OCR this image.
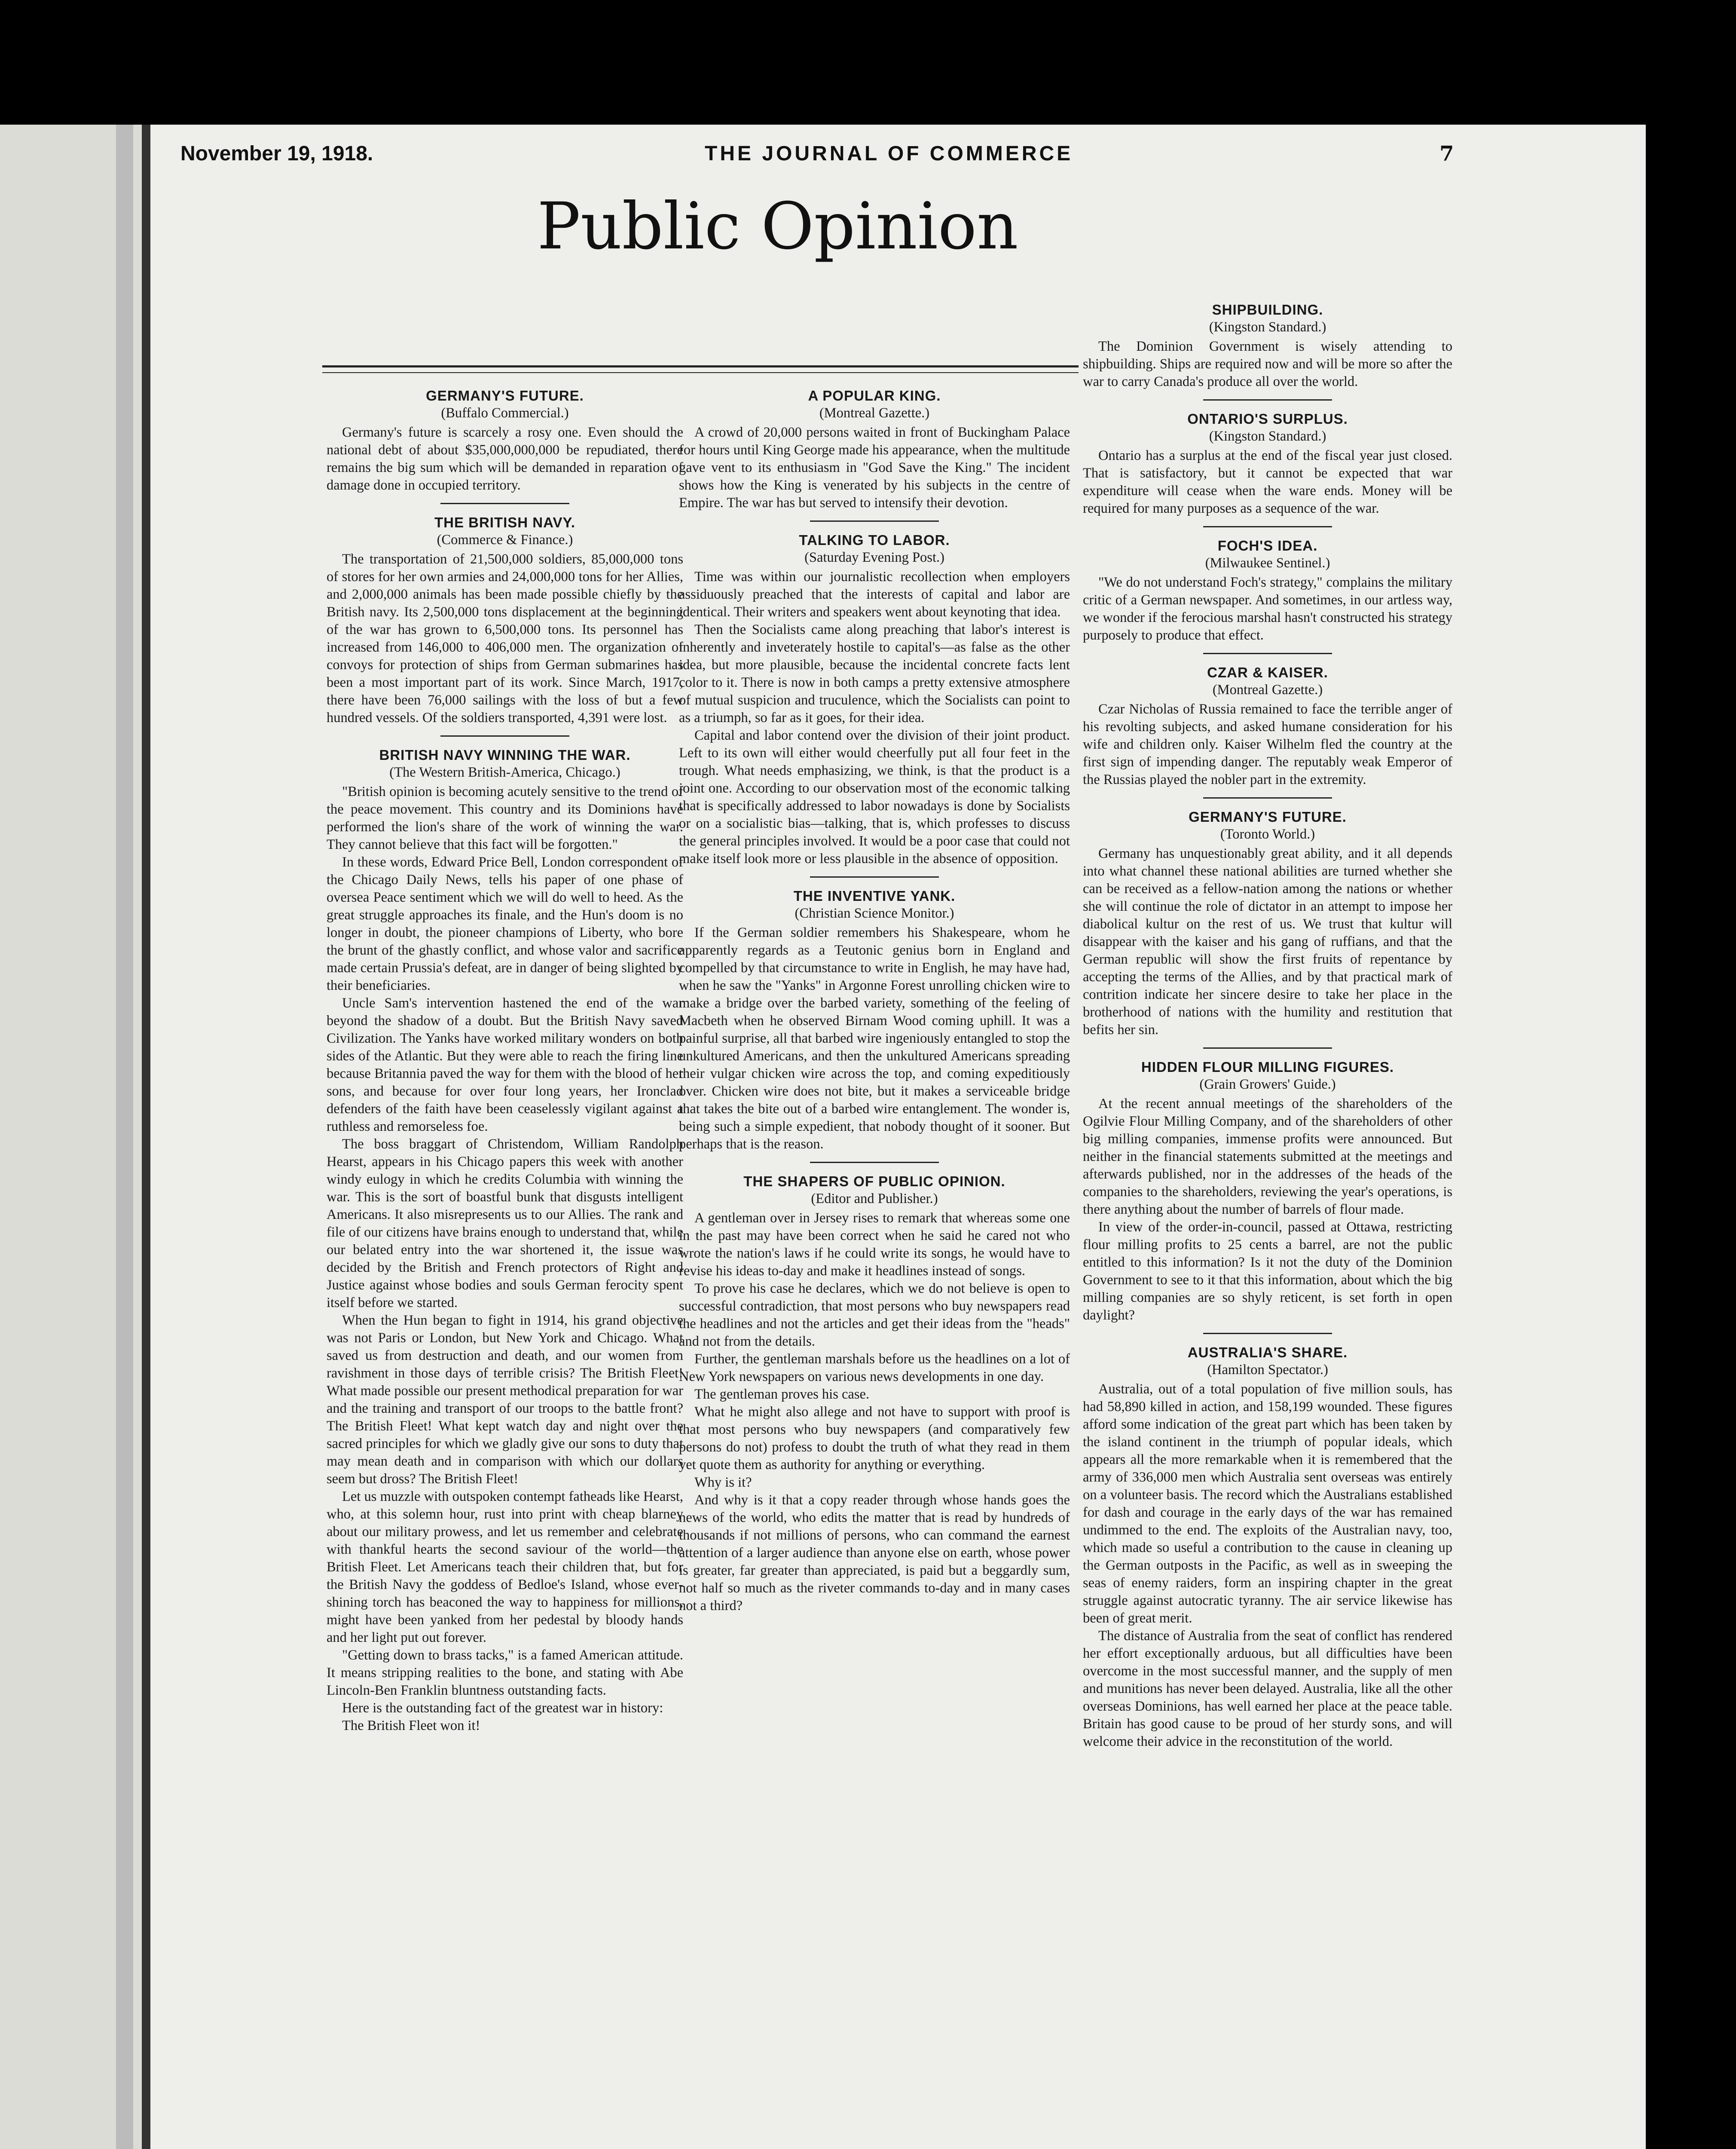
November 19, 1918.	THE JOURNAL OF COMMERCE	7
Public Opinion
GERMANY'S FUTURE.
(Buffalo Commercial.)

Germany's future is scarcely a rosy one. Even should the national debt of about $35,000,000,000 be repudiated, there remains the big sum which will be demanded in reparation of damage done in occupied territory.

THE BRITISH NAVY.
(Commerce & Finance.)

The transportation of 21,500,000 soldiers, 85,000,000 tons of stores for her own armies and 24,000,000 tons for her Allies, and 2,000,000 animals has been made possible chiefly by the British navy. Its 2,500,000 tons displacement at the beginning of the war has grown to 6,500,000 tons. Its personnel has increased from 146,000 to 406,000 men. The organization of convoys for protection of ships from German submarines has been a most important part of its work. Since March, 1917, there have been 76,000 sailings with the loss of but a few hundred vessels. Of the soldiers transported, 4,391 were lost.

BRITISH NAVY WINNING THE WAR.
(The Western British-America, Chicago.)

"British opinion is becoming acutely sensitive to the trend of the peace movement. This country and its Dominions have performed the lion's share of the work of winning the war. They cannot believe that this fact will be forgotten."

In these words, Edward Price Bell, London correspondent of the Chicago Daily News, tells his paper of one phase of oversea Peace sentiment which we will do well to heed. As the great struggle approaches its finale, and the Hun's doom is no longer in doubt, the pioneer champions of Liberty, who bore the brunt of the ghastly conflict, and whose valor and sacrifice made certain Prussia's defeat, are in danger of being slighted by their beneficiaries.

Uncle Sam's intervention hastened the end of the war beyond the shadow of a doubt. But the British Navy saved Civilization. The Yanks have worked military wonders on both sides of the Atlantic. But they were able to reach the firing line because Britannia paved the way for them with the blood of her sons, and because for over four long years, her Ironclad defenders of the faith have been ceaselessly vigilant against a ruthless and remorseless foe.

The boss braggart of Christendom, William Randolph Hearst, appears in his Chicago papers this week with another windy eulogy in which he credits Columbia with winning the war. This is the sort of boastful bunk that disgusts intelligent Americans. It also misrepresents us to our Allies. The rank and file of our citizens have brains enough to understand that, while our belated entry into the war shortened it, the issue was decided by the British and French protectors of Right and Justice against whose bodies and souls German ferocity spent itself before we started.

When the Hun began to fight in 1914, his grand objective was not Paris or London, but New York and Chicago. What saved us from destruction and death, and our women from ravishment in those days of terrible crisis? The British Fleet! What made possible our present methodical preparation for war and the training and transport of our troops to the battle front? The British Fleet! What kept watch day and night over the sacred principles for which we gladly give our sons to duty that may mean death and in comparison with which our dollars seem but dross? The British Fleet!

Let us muzzle with outspoken contempt fatheads like Hearst, who, at this solemn hour, rust into print with cheap blarney about our military prowess, and let us remember and celebrate with thankful hearts the second saviour of the world—the British Fleet. Let Americans teach their children that, but for the British Navy the goddess of Bedloe's Island, whose ever-shining torch has beaconed the way to happiness for millions, might have been yanked from her pedestal by bloody hands and her light put out forever.

"Getting down to brass tacks," is a famed American attitude. It means stripping realities to the bone, and stating with Abe Lincoln-Ben Franklin bluntness outstanding facts.

Here is the outstanding fact of the greatest war in history:

The British Fleet won it!

A POPULAR KING.
(Montreal Gazette.)

A crowd of 20,000 persons waited in front of Buckingham Palace for hours until King George made his appearance, when the multitude gave vent to its enthusiasm in "God Save the King." The incident shows how the King is venerated by his subjects in the centre of Empire. The war has but served to intensify their devotion.

TALKING TO LABOR.
(Saturday Evening Post.)

Time was within our journalistic recollection when employers assiduously preached that the interests of capital and labor are identical. Their writers and speakers went about keynoting that idea.

Then the Socialists came along preaching that labor's interest is inherently and inveterately hostile to capital's—as false as the other idea, but more plausible, because the incidental concrete facts lent color to it. There is now in both camps a pretty extensive atmosphere of mutual suspicion and truculence, which the Socialists can point to as a triumph, so far as it goes, for their idea.

Capital and labor contend over the division of their joint product. Left to its own will either would cheerfully put all four feet in the trough. What needs emphasizing, we think, is that the product is a joint one. According to our observation most of the economic talking that is specifically addressed to labor nowadays is done by Socialists or on a socialistic bias—talking, that is, which professes to discuss the general principles involved. It would be a poor case that could not make itself look more or less plausible in the absence of opposition.

THE INVENTIVE YANK.
(Christian Science Monitor.)

If the German soldier remembers his Shakespeare, whom he apparently regards as a Teutonic genius born in England and compelled by that circumstance to write in English, he may have had, when he saw the "Yanks" in Argonne Forest unrolling chicken wire to make a bridge over the barbed variety, something of the feeling of Macbeth when he observed Birnam Wood coming uphill. It was a painful surprise, all that barbed wire ingeniously entangled to stop the unkultured Americans, and then the unkultured Americans spreading their vulgar chicken wire across the top, and coming expeditiously over. Chicken wire does not bite, but it makes a serviceable bridge that takes the bite out of a barbed wire entanglement. The wonder is, being such a simple expedient, that nobody thought of it sooner. But perhaps that is the reason.

THE SHAPERS OF PUBLIC OPINION.
(Editor and Publisher.)

A gentleman over in Jersey rises to remark that whereas some one in the past may have been correct when he said he cared not who wrote the nation's laws if he could write its songs, he would have to revise his ideas to-day and make it headlines instead of songs.

To prove his case he declares, which we do not believe is open to successful contradiction, that most persons who buy newspapers read the headlines and not the articles and get their ideas from the "heads" and not from the details.

Further, the gentleman marshals before us the headlines on a lot of New York newspapers on various news developments in one day.

The gentleman proves his case.

What he might also allege and not have to support with proof is that most persons who buy newspapers (and comparatively few persons do not) profess to doubt the truth of what they read in them yet quote them as authority for anything or everything.

Why is it?

And why is it that a copy reader through whose hands goes the news of the world, who edits the matter that is read by hundreds of thousands if not millions of persons, who can command the earnest attention of a larger audience than anyone else on earth, whose power is greater, far greater than appreciated, is paid but a beggardly sum, not half so much as the riveter commands to-day and in many cases not a third?

SHIPBUILDING.
(Kingston Standard.)

The Dominion Government is wisely attending to shipbuilding. Ships are required now and will be more so after the war to carry Canada's produce all over the world.

ONTARIO'S SURPLUS.
(Kingston Standard.)

Ontario has a surplus at the end of the fiscal year just closed. That is satisfactory, but it cannot be expected that war expenditure will cease when the ware ends. Money will be required for many purposes as a sequence of the war.

FOCH'S IDEA.
(Milwaukee Sentinel.)

"We do not understand Foch's strategy," complains the military critic of a German newspaper. And sometimes, in our artless way, we wonder if the ferocious marshal hasn't constructed his strategy purposely to produce that effect.

CZAR & KAISER.
(Montreal Gazette.)

Czar Nicholas of Russia remained to face the terrible anger of his revolting subjects, and asked humane consideration for his wife and children only. Kaiser Wilhelm fled the country at the first sign of impending danger. The reputably weak Emperor of the Russias played the nobler part in the extremity.

GERMANY'S FUTURE.
(Toronto World.)

Germany has unquestionably great ability, and it all depends into what channel these national abilities are turned whether she can be received as a fellow-nation among the nations or whether she will continue the role of dictator in an attempt to impose her diabolical kultur on the rest of us. We trust that kultur will disappear with the kaiser and his gang of ruffians, and that the German republic will show the first fruits of repentance by accepting the terms of the Allies, and by that practical mark of contrition indicate her sincere desire to take her place in the brotherhood of nations with the humility and restitution that befits her sin.

HIDDEN FLOUR MILLING FIGURES.
(Grain Growers' Guide.)

At the recent annual meetings of the shareholders of the Ogilvie Flour Milling Company, and of the shareholders of other big milling companies, immense profits were announced. But neither in the financial statements submitted at the meetings and afterwards published, nor in the addresses of the heads of the companies to the shareholders, reviewing the year's operations, is there anything about the number of barrels of flour made.

In view of the order-in-council, passed at Ottawa, restricting flour milling profits to 25 cents a barrel, are not the public entitled to this information? Is it not the duty of the Dominion Government to see to it that this information, about which the big milling companies are so shyly reticent, is set forth in open daylight?

AUSTRALIA'S SHARE.
(Hamilton Spectator.)

Australia, out of a total population of five million souls, has had 58,890 killed in action, and 158,199 wounded. These figures afford some indication of the great part which has been taken by the island continent in the triumph of popular ideals, which appears all the more remarkable when it is remembered that the army of 336,000 men which Australia sent overseas was entirely on a volunteer basis. The record which the Australians established for dash and courage in the early days of the war has remained undimmed to the end. The exploits of the Australian navy, too, which made so useful a contribution to the cause in cleaning up the German outposts in the Pacific, as well as in sweeping the seas of enemy raiders, form an inspiring chapter in the great struggle against autocratic tyranny. The air service likewise has been of great merit.

The distance of Australia from the seat of conflict has rendered her effort exceptionally arduous, but all difficulties have been overcome in the most successful manner, and the supply of men and munitions has never been delayed. Australia, like all the other overseas Dominions, has well earned her place at the peace table. Britain has good cause to be proud of her sturdy sons, and will welcome their advice in the reconstitution of the world.
